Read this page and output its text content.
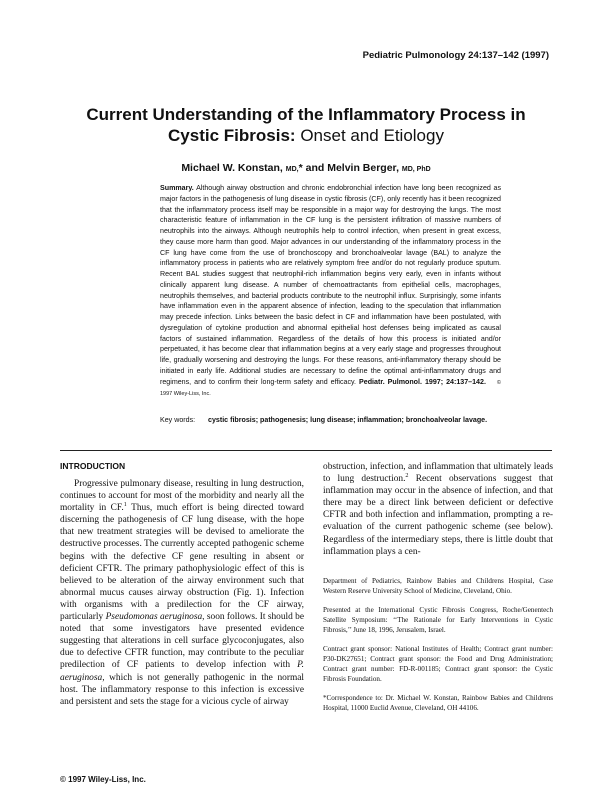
Pediatric Pulmonology 24:137–142 (1997)
Current Understanding of the Inflammatory Process in Cystic Fibrosis: Onset and Etiology
Michael W. Konstan, MD,* and Melvin Berger, MD, PhD

Summary. Although airway obstruction and chronic endobronchial infection have long been recognized as major factors in the pathogenesis of lung disease in cystic fibrosis (CF), only recently has it been recognized that the inflammatory process itself may be responsible in a major way for destroying the lungs. The most characteristic feature of inflammation in the CF lung is the persistent infiltration of massive numbers of neutrophils into the airways. Although neutrophils help to control infection, when present in great excess, they cause more harm than good. Major advances in our understanding of the inflammatory process in the CF lung have come from the use of bronchoscopy and bronchoalveolar lavage (BAL) to analyze the inflammatory process in patients who are relatively symptom free and/or do not regularly produce sputum. Recent BAL studies suggest that neutrophil-rich inflammation begins very early, even in infants without clinically apparent lung disease. A number of chemoattractants from epithelial cells, macrophages, neutrophils themselves, and bacterial products contribute to the neutrophil influx. Surprisingly, some infants have inflammation even in the apparent absence of infection, leading to the speculation that inflammation may precede infection. Links between the basic defect in CF and inflammation have been postulated, with dysregulation of cytokine production and abnormal epithelial host defenses being implicated as causal factors of sustained inflammation. Regardless of the details of how this process is initiated and/or perpetuated, it has become clear that inflammation begins at a very early stage and progresses throughout life, gradually worsening and destroying the lungs. For these reasons, anti-inflammatory therapy should be initiated in early life. Additional studies are necessary to define the optimal anti-inflammatory drugs and regimens, and to confirm their long-term safety and efficacy. Pediatr. Pulmonol. 1997; 24:137–142. © 1997 Wiley-Liss, Inc.

Key words:	cystic fibrosis; pathogenesis; lung disease; inflammation; bronchoalveolar lavage.
INTRODUCTION

Progressive pulmonary disease, resulting in lung destruction, continues to account for most of the morbidity and nearly all the mortality in CF.$^1$ Thus, much effort is being directed toward discerning the pathogenesis of CF lung disease, with the hope that new treatment strategies will be devised to ameliorate the destructive processes. The currently accepted pathogenic scheme begins with the defective CF gene resulting in absent or deficient CFTR. The primary pathophysiologic effect of this is believed to be alteration of the airway environment such that abnormal mucus causes airway obstruction (Fig. 1). Infection with organisms with a predilection for the CF airway, particularly Pseudomonas aeruginosa, soon follows. It should be noted that some investigators have presented evidence suggesting that alterations in cell surface glycoconjugates, also due to defective CFTR function, may contribute to the peculiar predilection of CF patients to develop infection with P. aeruginosa, which is not generally pathogenic in the normal host. The inflammatory response to this infection is excessive and persistent and sets the stage for a vicious cycle of airway

obstruction, infection, and inflammation that ultimately leads to lung destruction.$^2$ Recent observations suggest that inflammation may occur in the absence of infection, and that there may be a direct link between deficient or defective CFTR and both infection and inflammation, prompting a re-evaluation of the current pathogenic scheme (see below). Regardless of the intermediary steps, there is little doubt that inflammation plays a cen-

Department of Pediatrics, Rainbow Babies and Childrens Hospital, Case Western Reserve University School of Medicine, Cleveland, Ohio.

Presented at the International Cystic Fibrosis Congress, Roche/Genentech Satellite Symposium: ‘‘The Rationale for Early Interventions in Cystic Fibrosis,’’ June 18, 1996, Jerusalem, Israel.

Contract grant sponsor: National Institutes of Health; Contract grant number: P30-DK27651; Contract grant sponsor: the Food and Drug Administration; Contract grant number: FD-R-001185; Contract grant sponsor: the Cystic Fibrosis Foundation.

*Correspondence to: Dr. Michael W. Konstan, Rainbow Babies and Childrens Hospital, 11000 Euclid Avenue, Cleveland, OH 44106.

© 1997 Wiley-Liss, Inc.
